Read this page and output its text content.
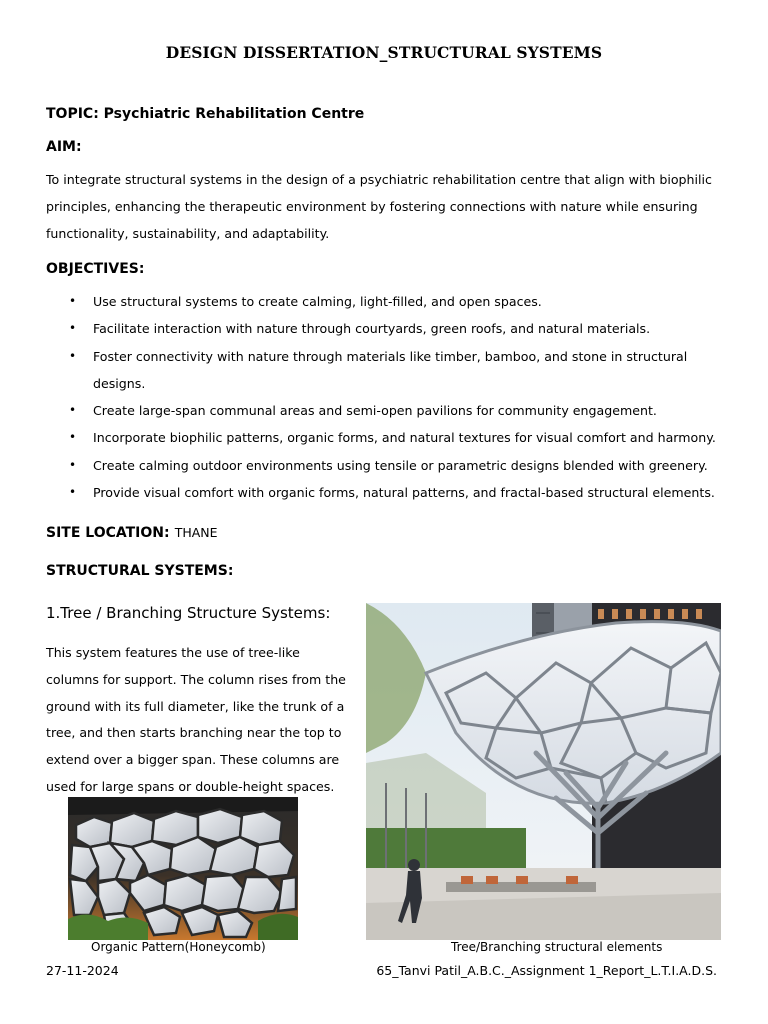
DESIGN DISSERTATION_STRUCTURAL SYSTEMS
TOPIC: Psychiatric Rehabilitation Centre
AIM:
To integrate structural systems in the design of a psychiatric rehabilitation centre that align with biophilic principles, enhancing the therapeutic environment by fostering connections with nature while ensuring functionality, sustainability, and adaptability.
OBJECTIVES:
• Use structural systems to create calming, light-filled, and open spaces.
• Facilitate interaction with nature through courtyards, green roofs, and natural materials.
• Foster connectivity with nature through materials like timber, bamboo, and stone in structural designs.
• Create large-span communal areas and semi-open pavilions for community engagement.
• Incorporate biophilic patterns, organic forms, and natural textures for visual comfort and harmony.
• Create calming outdoor environments using tensile or parametric designs blended with greenery.
• Provide visual comfort with organic forms, natural patterns, and fractal-based structural elements.
SITE LOCATION: THANE
STRUCTURAL SYSTEMS:
1.Tree / Branching Structure Systems:
This system features the use of tree-like columns for support. The column rises from the ground with its full diameter, like the trunk of a tree, and then starts branching near the top to extend over a bigger span. These columns are used for large spans or double-height spaces.
Organic Pattern(Honeycomb)	Tree/Branching structural elements
27-11-2024	65_Tanvi Patil_A.B.C._Assignment 1_Report_L.T.I.A.D.S.
